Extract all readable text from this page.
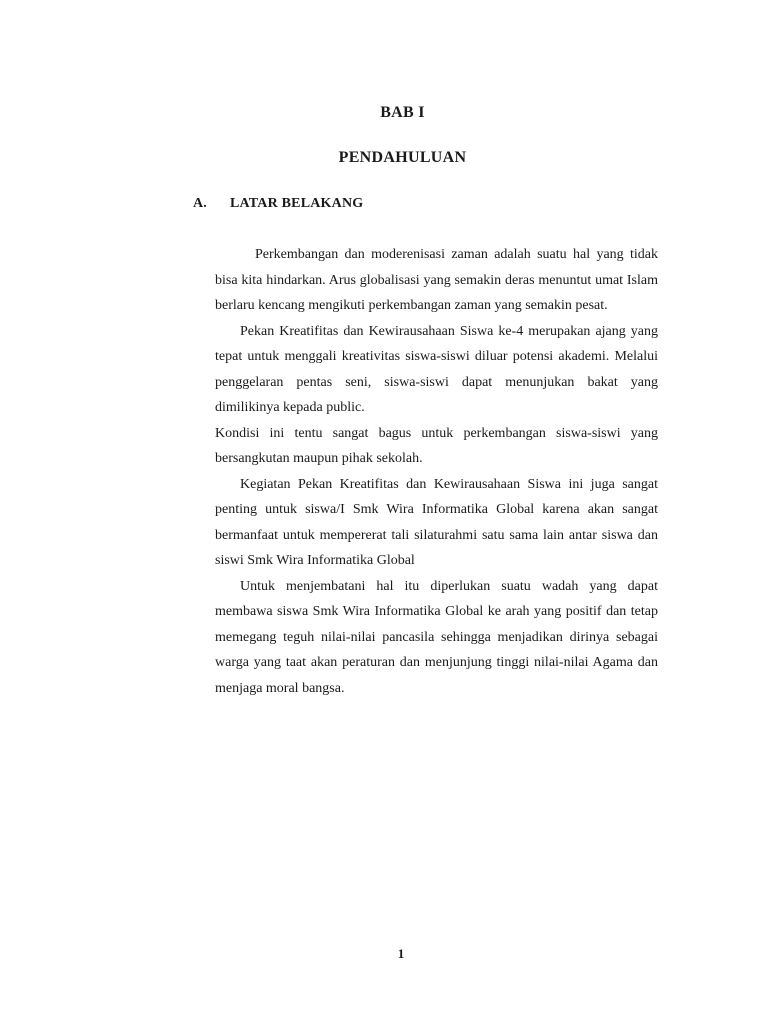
BAB I
PENDAHULUAN
A. LATAR BELAKANG

Perkembangan dan moderenisasi zaman adalah suatu hal yang tidak bisa kita hindarkan. Arus globalisasi yang semakin deras menuntut umat Islam berlaru kencang mengikuti perkembangan zaman yang semakin pesat.

Pekan Kreatifitas dan Kewirausahaan Siswa ke-4 merupakan ajang yang tepat untuk menggali kreativitas siswa-siswi diluar potensi akademi. Melalui penggelaran pentas seni, siswa-siswi dapat menunjukan bakat yang dimilikinya kepada public.

Kondisi ini tentu sangat bagus untuk perkembangan siswa-siswi yang bersangkutan maupun pihak sekolah.

Kegiatan Pekan Kreatifitas dan Kewirausahaan Siswa ini juga sangat penting untuk siswa/I Smk Wira Informatika Global karena akan sangat bermanfaat untuk mempererat tali silaturahmi satu sama lain antar siswa dan siswi Smk Wira Informatika Global

Untuk menjembatani hal itu diperlukan suatu wadah yang dapat membawa siswa Smk Wira Informatika Global ke arah yang positif dan tetap memegang teguh nilai-nilai pancasila sehingga menjadikan dirinya sebagai warga yang taat akan peraturan dan menjunjung tinggi nilai-nilai Agama dan menjaga moral bangsa.

1
